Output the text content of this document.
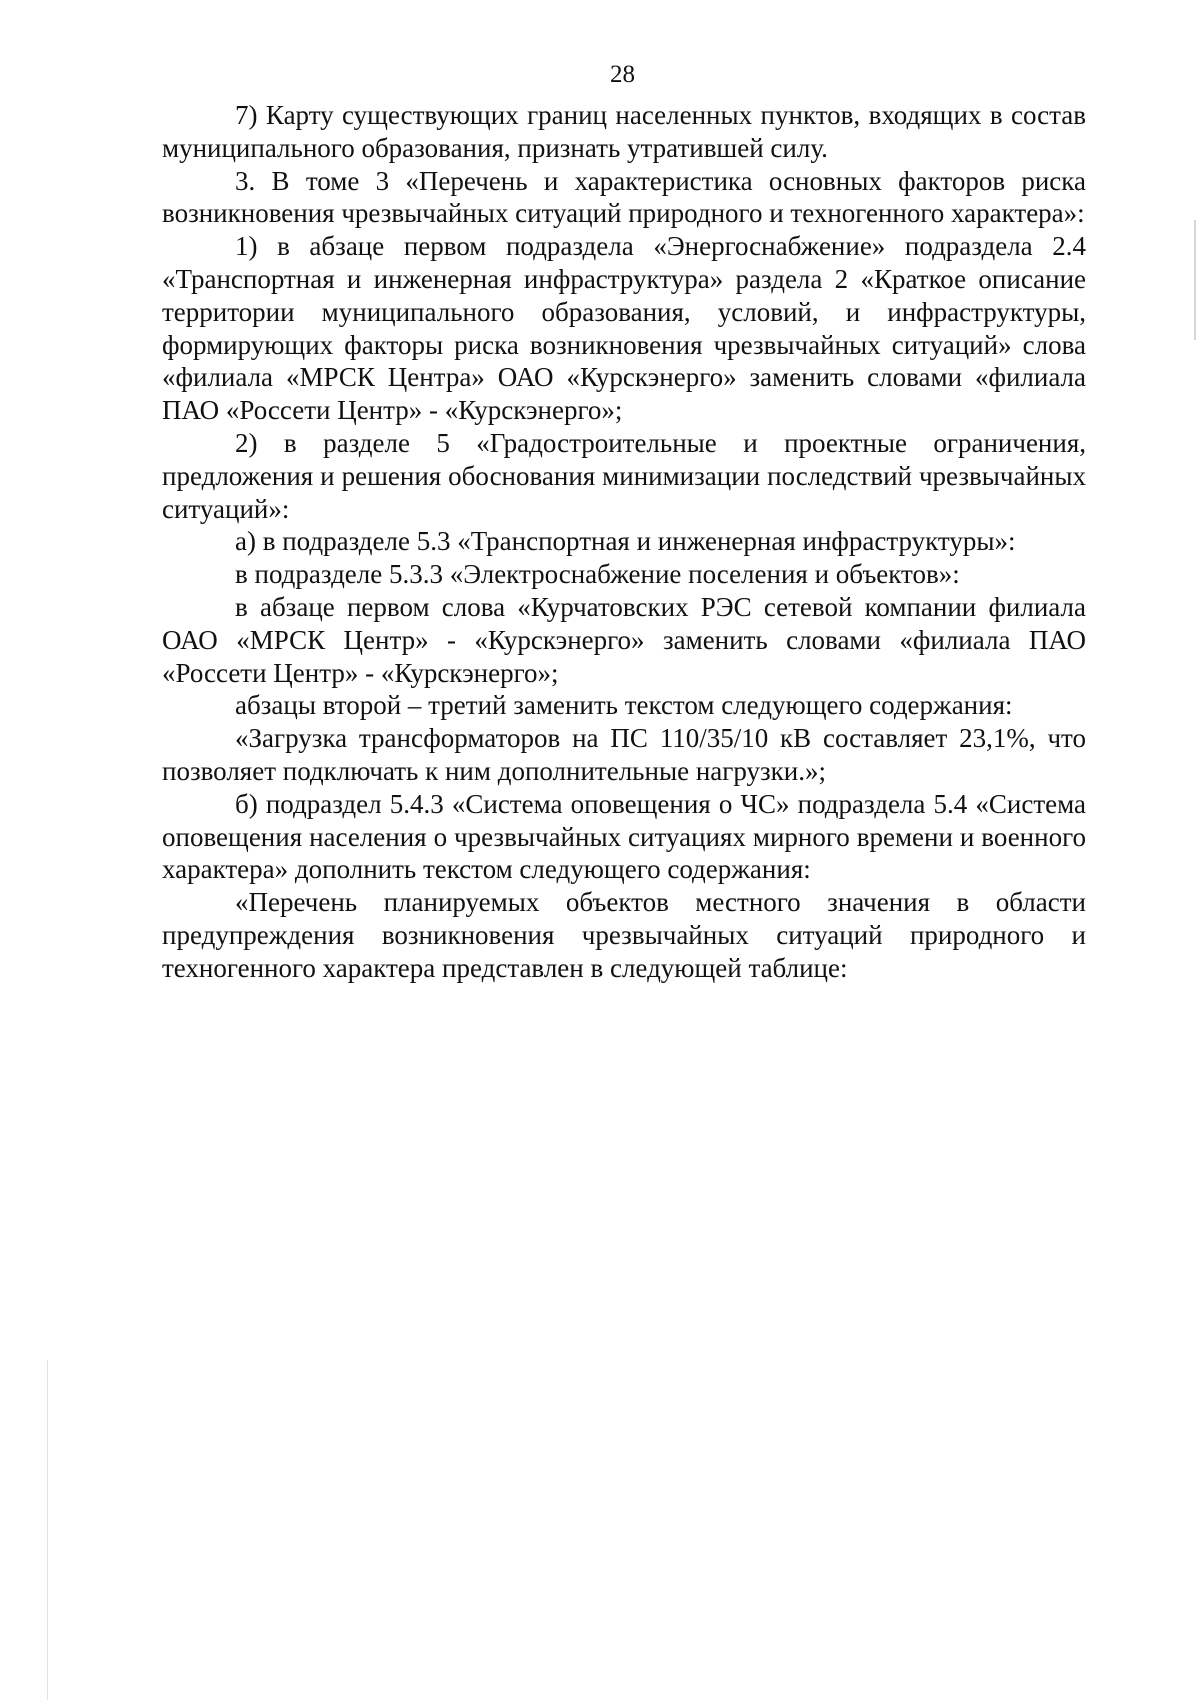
28

7) Карту существующих границ населенных пунктов, входящих в состав муниципального образования, признать утратившей силу.

3. В томе 3 «Перечень и характеристика основных факторов риска возникновения чрезвычайных ситуаций природного и техногенного характера»:

1) в абзаце первом подраздела «Энергоснабжение» подраздела 2.4 «Транспортная и инженерная инфраструктура» раздела 2 «Краткое описание территории муниципального образования, условий, и инфраструктуры, формирующих факторы риска возникновения чрезвычайных ситуаций» слова «филиала «МРСК Центра» ОАО «Курскэнерго» заменить словами «филиала ПАО «Россети Центр» - «Курскэнерго»;

2) в разделе 5 «Градостроительные и проектные ограничения, предложения и решения обоснования минимизации последствий чрезвычайных ситуаций»:

а) в подразделе 5.3 «Транспортная и инженерная инфраструктуры»:

в подразделе 5.3.3 «Электроснабжение поселения и объектов»:

в абзаце первом слова «Курчатовских РЭС сетевой компании филиала ОАО «МРСК Центр» - «Курскэнерго» заменить словами «филиала ПАО «Россети Центр» - «Курскэнерго»;

абзацы второй – третий заменить текстом следующего содержания:

«Загрузка трансформаторов на ПС 110/35/10 кВ составляет 23,1%, что позволяет подключать к ним дополнительные нагрузки.»;

б) подраздел 5.4.3 «Система оповещения о ЧС» подраздела 5.4 «Система оповещения населения о чрезвычайных ситуациях мирного времени и военного характера» дополнить текстом следующего содержания:

«Перечень планируемых объектов местного значения в области предупреждения возникновения чрезвычайных ситуаций природного и техногенного характера представлен в следующей таблице:
